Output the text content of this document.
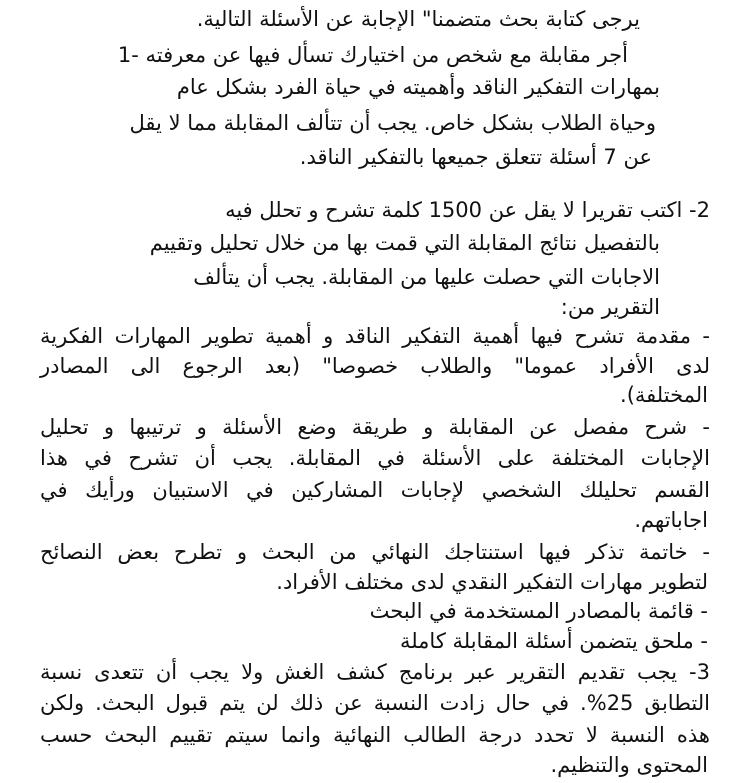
يرجى كتابة بحث متضمنا" الإجابة عن الأسئلة التالية.
أجر مقابلة مع شخص من اختيارك تسأل فيها عن معرفته -1
بمهارات التفكير الناقد وأهميته في حياة الفرد بشكل عام
وحياة الطلاب بشكل خاص. يجب أن تتألف المقابلة مما لا يقل
عن 7 أسئلة تتعلق جميعها بالتفكير الناقد.
2- اكتب تقريرا لا يقل عن 1500 كلمة تشرح و تحلل فيه
بالتفصيل نتائج المقابلة التي قمت بها من خلال تحليل وتقييم
الاجابات التي حصلت عليها من المقابلة. يجب أن يتألف
التقرير من:
- مقدمة تشرح فيها أهمية التفكير الناقد و أهمية تطوير المهارات الفكرية
لدى الأفراد عموما" والطلاب خصوصا" (بعد الرجوع الى المصادر
المختلفة).
- شرح مفصل عن المقابلة و طريقة وضع الأسئلة و ترتيبها و تحليل
الإجابات المختلفة على الأسئلة في المقابلة. يجب أن تشرح في هذا
القسم تحليلك الشخصي لإجابات المشاركين في الاستبيان ورأيك في
اجاباتهم.
- خاتمة تذكر فيها استنتاجك النهائي من البحث و تطرح بعض النصائح
لتطوير مهارات التفكير النقدي لدى مختلف الأفراد.
- قائمة بالمصادر المستخدمة في البحث
- ملحق يتضمن أسئلة المقابلة كاملة
3- يجب تقديم التقرير عبر برنامج كشف الغش ولا يجب أن تتعدى نسبة
التطابق 25%. في حال زادت النسبة عن ذلك لن يتم قبول البحث. ولكن
هذه النسبة لا تحدد درجة الطالب النهائية وانما سيتم تقييم البحث حسب
المحتوى والتنظيم.
